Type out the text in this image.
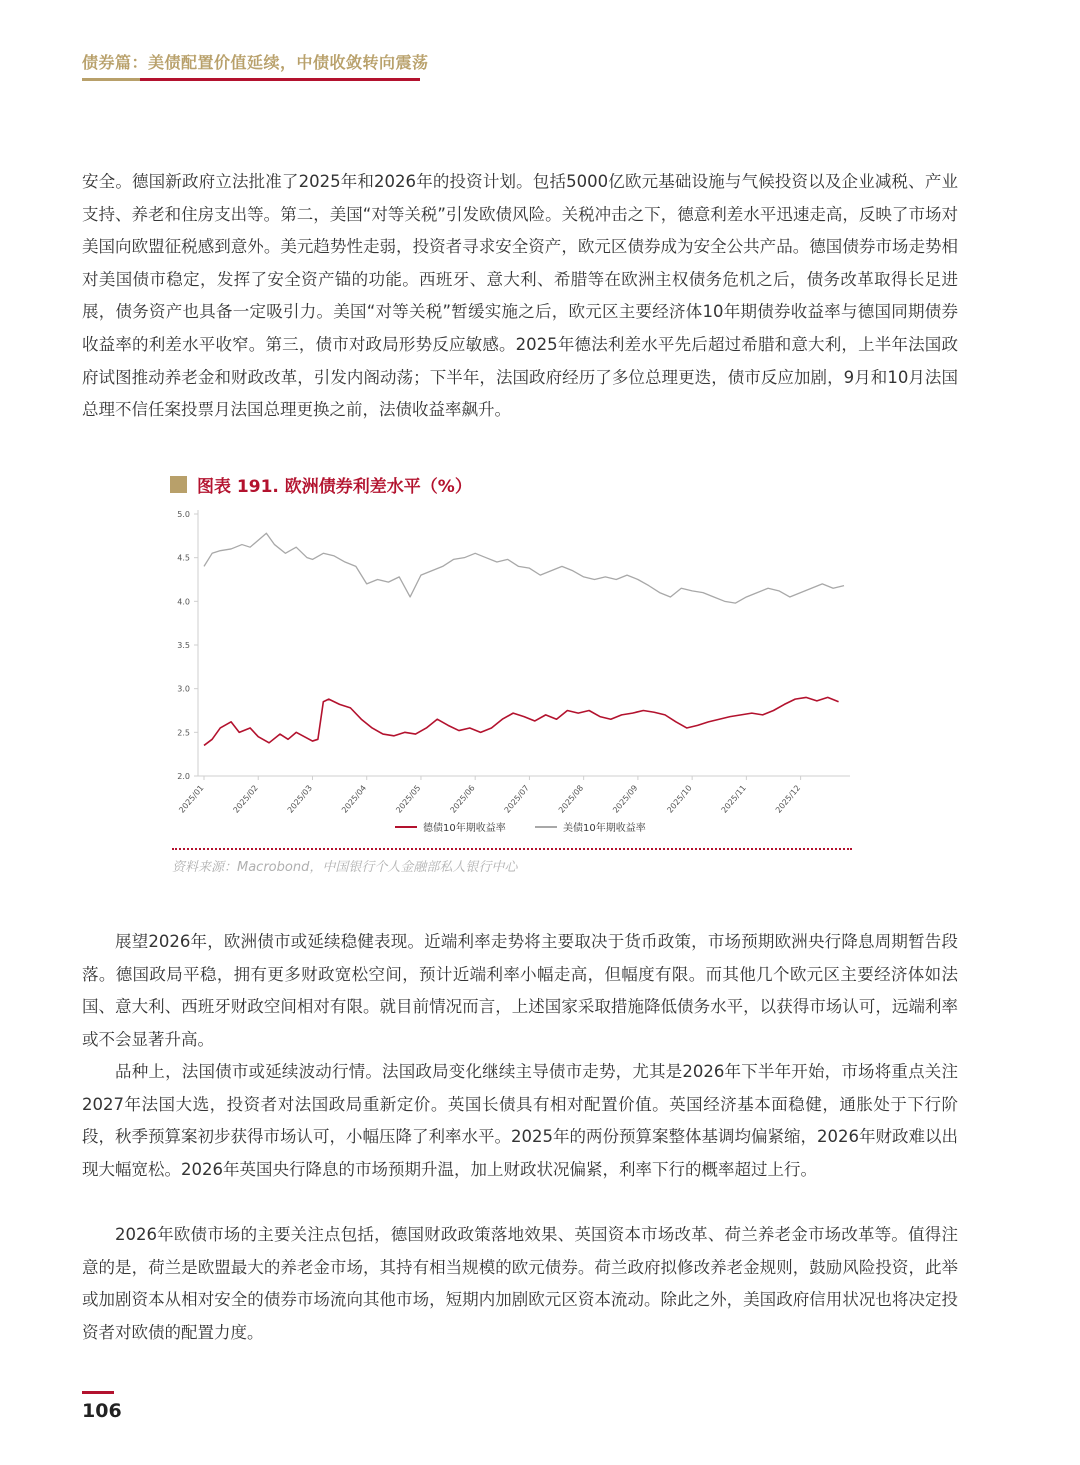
债券篇：美债配置价值延续，中债收敛转向震荡

安全。德国新政府立法批准了2025年和2026年的投资计划。包括5000亿欧元基础设施与气候投资以及企业减税、产业支持、养老和住房支出等。第二，美国“对等关税”引发欧债风险。关税冲击之下，德意利差水平迅速走高，反映了市场对美国向欧盟征税感到意外。美元趋势性走弱，投资者寻求安全资产，欧元区债券成为安全公共产品。德国债券市场走势相对美国债市稳定，发挥了安全资产锚的功能。西班牙、意大利、希腊等在欧洲主权债务危机之后，债务改革取得长足进展，债务资产也具备一定吸引力。美国“对等关税”暂缓实施之后，欧元区主要经济体10年期债券收益率与德国同期债券收益率的利差水平收窄。第三，债市对政局形势反应敏感。2025年德法利差水平先后超过希腊和意大利，上半年法国政府试图推动养老金和财政改革，引发内阁动荡；下半年，法国政府经历了多位总理更迭，债市反应加剧，9月和10月法国总理不信任案投票月法国总理更换之前，法债收益率飙升。

图表 191. 欧洲债券利差水平（%）
5.0
4.5
4.0
3.5
3.0
2.5
2.0
2025/01	2025/02	2025/03	2025/04	2025/05	2025/06	2025/07	2025/08	2025/09	2025/10	2025/11	2025/12
德债10年期收益率	美债10年期收益率
资料来源：Macrobond，中国银行个人金融部私人银行中心

展望2026年，欧洲债市或延续稳健表现。近端利率走势将主要取决于货币政策，市场预期欧洲央行降息周期暂告段落。德国政局平稳，拥有更多财政宽松空间，预计近端利率小幅走高，但幅度有限。而其他几个欧元区主要经济体如法国、意大利、西班牙财政空间相对有限。就目前情况而言，上述国家采取措施降低债务水平，以获得市场认可，远端利率或不会显著升高。

品种上，法国债市或延续波动行情。法国政局变化继续主导债市走势，尤其是2026年下半年开始，市场将重点关注2027年法国大选，投资者对法国政局重新定价。英国长债具有相对配置价值。英国经济基本面稳健，通胀处于下行阶段，秋季预算案初步获得市场认可，小幅压降了利率水平。2025年的两份预算案整体基调均偏紧缩，2026年财政难以出现大幅宽松。2026年英国央行降息的市场预期升温，加上财政状况偏紧，利率下行的概率超过上行。

2026年欧债市场的主要关注点包括，德国财政政策落地效果、英国资本市场改革、荷兰养老金市场改革等。值得注意的是，荷兰是欧盟最大的养老金市场，其持有相当规模的欧元债券。荷兰政府拟修改养老金规则，鼓励风险投资，此举或加剧资本从相对安全的债券市场流向其他市场，短期内加剧欧元区资本流动。除此之外，美国政府信用状况也将决定投资者对欧债的配置力度。

106
